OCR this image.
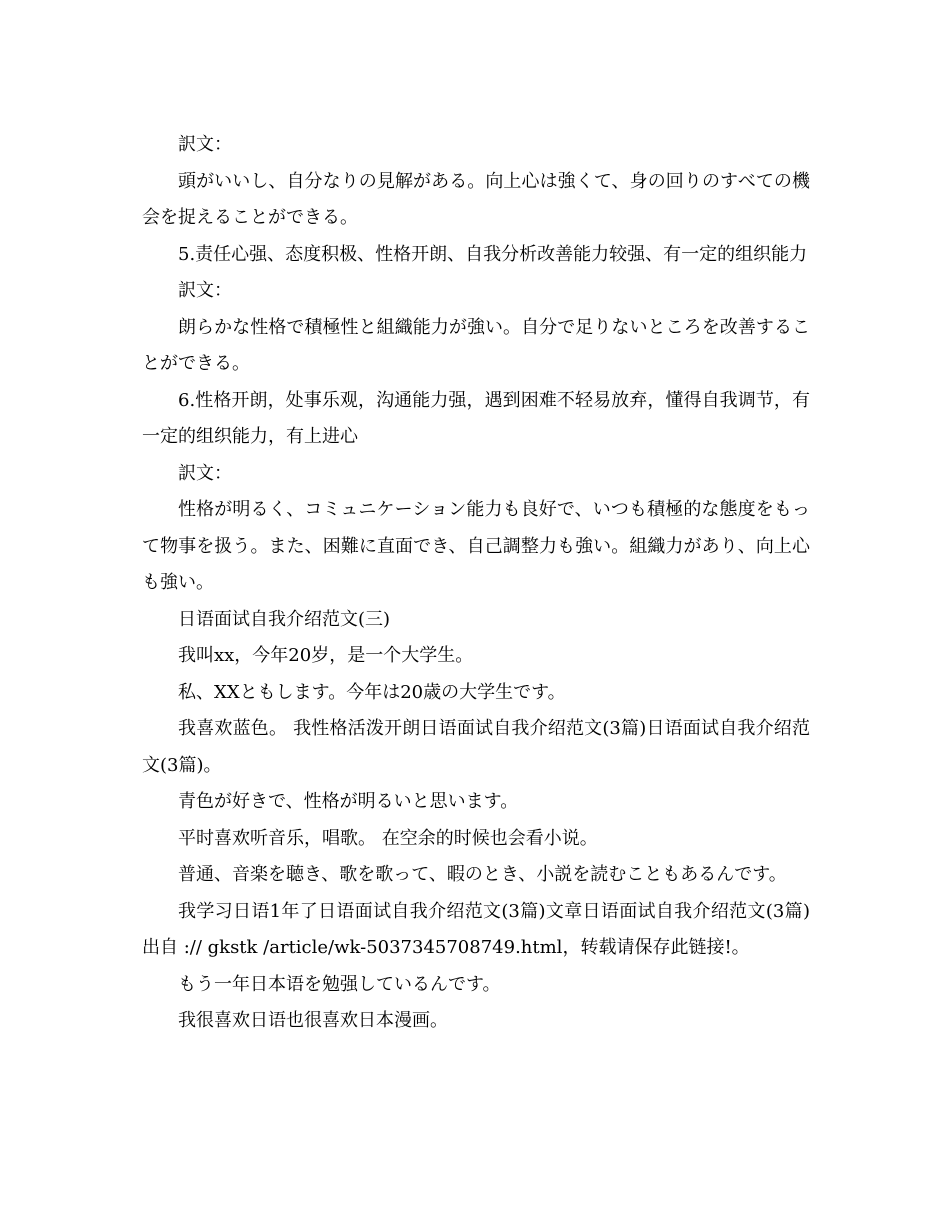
訳文：

頭がいいし、自分なりの見解がある。向上心は強くて、身の回りのすべての機会を捉えることができる。

5.责任心强、态度积极、性格开朗、自我分析改善能力较强、有一定的组织能力

訳文：

朗らかな性格で積極性と組織能力が強い。自分で足りないところを改善することができる。

6.性格开朗，处事乐观，沟通能力强，遇到困难不轻易放弃，懂得自我调节，有一定的组织能力，有上进心

訳文：

性格が明るく、コミュニケーション能力も良好で、いつも積極的な態度をもって物事を扱う。また、困難に直面でき、自己調整力も強い。組織力があり、向上心も強い。

日语面试自我介绍范文(三)

我叫xx，今年20岁，是一个大学生。

私、XXともします。今年は20歳の大学生です。

我喜欢蓝色。 我性格活泼开朗日语面试自我介绍范文(3篇)日语面试自我介绍范文(3篇)。

青色が好きで、性格が明るいと思います。

平时喜欢听音乐，唱歌。 在空余的时候也会看小说。

普通、音楽を聴き、歌を歌って、暇のとき、小説を読むこともあるんです。

我学习日语1年了日语面试自我介绍范文(3篇)文章日语面试自我介绍范文(3篇)出自 :// gkstk /article/wk-5037345708749.html，转载请保存此链接!。

もう一年日本语を勉强しているんです。

我很喜欢日语也很喜欢日本漫画。
